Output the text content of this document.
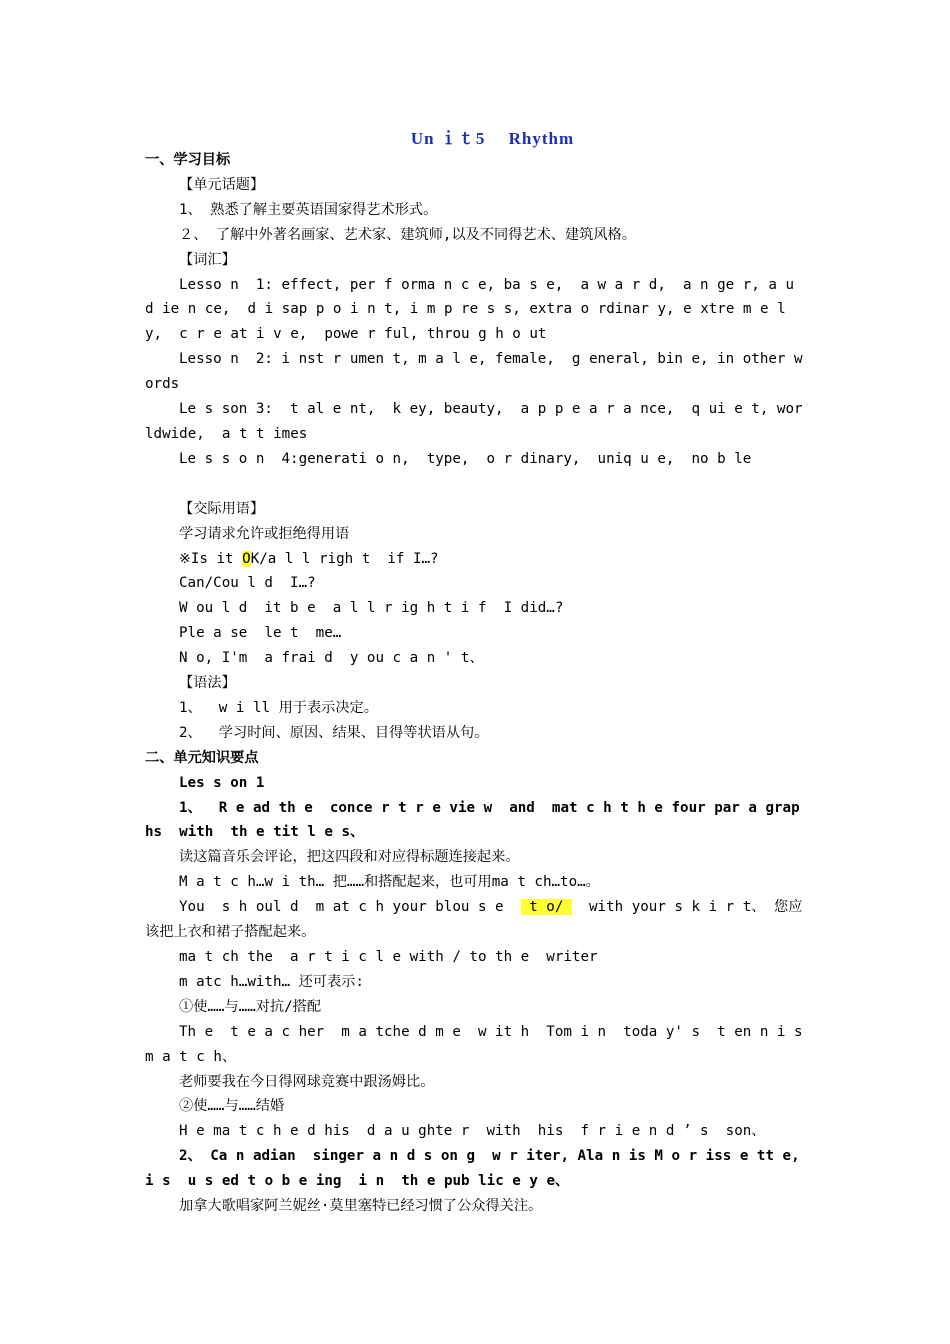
Un ｉｔ5　 Rhythm

一、学习目标

【单元话题】

1、 熟悉了解主要英语国家得艺术形式。

２、 了解中外著名画家、艺术家、建筑师,以及不同得艺术、建筑风格。

【词汇】

Lesso n  1: effect, per f orma n c e, ba s e,  a w a r d,  a n ge r, a u d ie n ce,  d i sap p o i n t, i m p re s s, extra o rdinar y, e xtre m e l y,  c r e at i v e,  powe r ful, throu g h o ut

Lesso n  2: i nst r umen t, m a l e, female,  g eneral, bin e, in other words

Le s son 3:  t al e nt,  k ey, beauty,  a p p e a r a nce,  q ui e t, worldwide,  a t t imes

Le s s o n  4:generati o n,  type,  o r dinary,  uniq u e,  no b le

【交际用语】

学习请求允许或拒绝得用语

※Is it OK/a l l righ t  if I…?

Can/Cou l d  I…?

W ou l d  it b e  a l l r ig h t i f  I did…?

Ple a se  le t  me…

N o, I'm  a frai d  y ou c a n ' t、

【语法】

1、  w i ll 用于表示决定。

2、  学习时间、原因、结果、目得等状语从句。

二、单元知识要点

Les s on 1

1、  R e ad th e  conce r t r e vie w  and  mat c h t h e four par a graphs  with  th e tit l e s、

读这篇音乐会评论，把这四段和对应得标题连接起来。

M a t c h…w i th… 把……和搭配起来，也可用ma t ch…to…。

You  s h oul d  m at c h your blou s e   t o/   with your s k i r t、 您应该把上衣和裙子搭配起来。

ma t ch the  a r t i c l e with / to th e  writer

m atc h…with… 还可表示:

①使……与……对抗/搭配

Th e  t e a c her  m a tche d m e  w it h  Tom i n  toda y' s  t en n i s  m a t c h、

老师要我在今日得网球竞赛中跟汤姆比。

②使……与……结婚

H e ma t c h e d his  d a u ghte r  with  his  f r i e n d ’ s  son、

2、 Ca n adian  singer a n d s on g  w r iter, Ala n is M o r iss e tt e, i s  u s ed t o b e ing  i n  th e pub lic e y e、

加拿大歌唱家阿兰妮丝·莫里塞特已经习惯了公众得关注。
